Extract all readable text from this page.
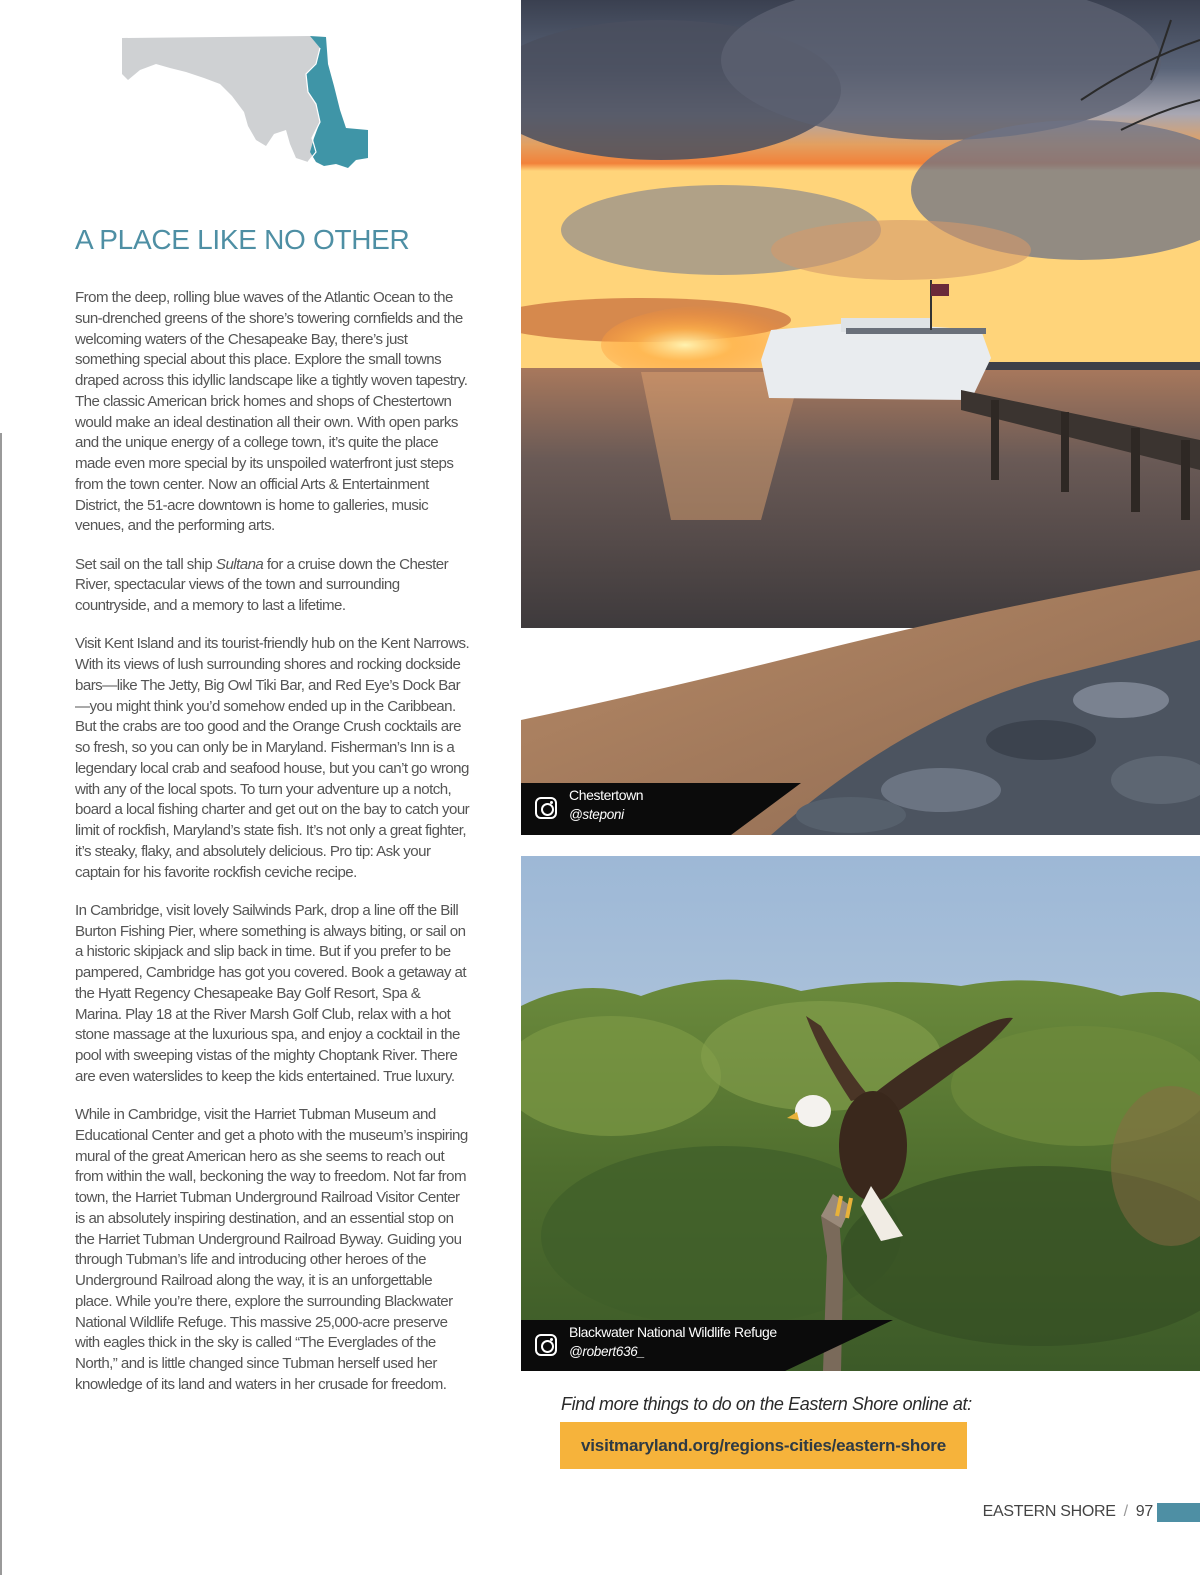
A PLACE LIKE NO OTHER

From the deep, rolling blue waves of the Atlantic Ocean to the sun-drenched greens of the shore’s towering cornfields and the welcoming waters of the Chesapeake Bay, there’s just something special about this place. Explore the small towns draped across this idyllic landscape like a tightly woven tapestry. The classic American brick homes and shops of Chestertown would make an ideal destination all their own. With open parks and the unique energy of a college town, it’s quite the place made even more special by its unspoiled waterfront just steps from the town center. Now an official Arts & Entertainment District, the 51-acre downtown is home to galleries, music venues, and the performing arts.

Set sail on the tall ship Sultana for a cruise down the Chester River, spectacular views of the town and surrounding countryside, and a memory to last a lifetime.

Visit Kent Island and its tourist-friendly hub on the Kent Narrows. With its views of lush surrounding shores and rocking dockside bars—like The Jetty, Big Owl Tiki Bar, and Red Eye’s Dock Bar—you might think you’d somehow ended up in the Caribbean. But the crabs are too good and the Orange Crush cocktails are so fresh, so you can only be in Maryland. Fisherman’s Inn is a legendary local crab and seafood house, but you can’t go wrong with any of the local spots. To turn your adventure up a notch, board a local fishing charter and get out on the bay to catch your limit of rockfish, Maryland’s state fish. It’s not only a great fighter, it’s steaky, flaky, and absolutely delicious. Pro tip: Ask your captain for his favorite rockfish ceviche recipe.

In Cambridge, visit lovely Sailwinds Park, drop a line off the Bill Burton Fishing Pier, where something is always biting, or sail on a historic skipjack and slip back in time. But if you prefer to be pampered, Cambridge has got you covered. Book a getaway at the Hyatt Regency Chesapeake Bay Golf Resort, Spa & Marina. Play 18 at the River Marsh Golf Club, relax with a hot stone massage at the luxurious spa, and enjoy a cocktail in the pool with sweeping vistas of the mighty Choptank River. There are even waterslides to keep the kids entertained. True luxury.

While in Cambridge, visit the Harriet Tubman Museum and Educational Center and get a photo with the museum’s inspiring mural of the great American hero as she seems to reach out from within the wall, beckoning the way to freedom. Not far from town, the Harriet Tubman Underground Railroad Visitor Center is an absolutely inspiring destination, and an essential stop on the Harriet Tubman Underground Railroad Byway. Guiding you through Tubman’s life and introducing other heroes of the Underground Railroad along the way, it is an unforgettable place. While you’re there, explore the surrounding Blackwater National Wildlife Refuge. This massive 25,000-acre preserve with eagles thick in the sky is called “The Everglades of the North,” and is little changed since Tubman herself used her knowledge of its land and waters in her crusade for freedom.

Chestertown
@steponi
Blackwater National Wildlife Refuge
@robert636_
Find more things to do on the Eastern Shore online at:
visitmaryland.org/regions-cities/eastern-shore
EASTERN SHORE / 97
